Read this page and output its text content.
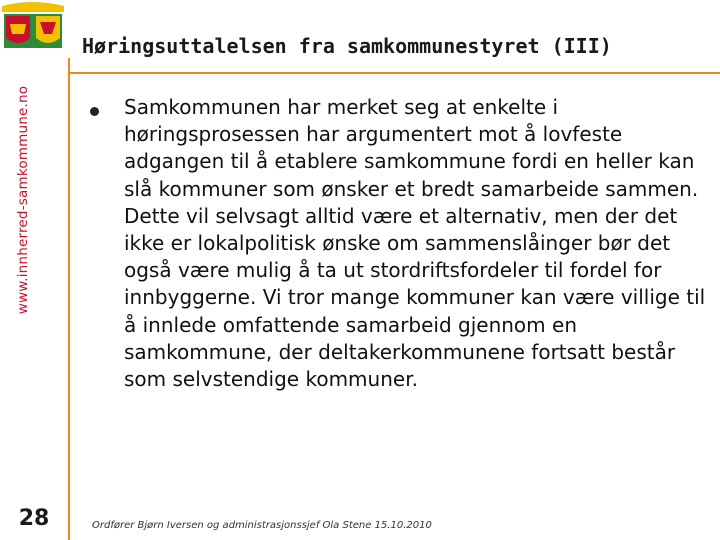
www.innherred-samkommune.no
28
Høringsuttalelsen fra samkommunestyret (III)

Samkommunen har merket seg at enkelte i høringsprosessen har argumentert mot å lovfeste adgangen til å etablere samkommune fordi en heller kan slå kommuner som ønsker et bredt samarbeide sammen. Dette vil selvsagt alltid være et alternativ, men der det ikke er lokalpolitisk ønske om sammenslåinger bør det også være mulig å ta ut stordriftsfordeler til fordel for innbyggerne. Vi tror mange kommuner kan være villige til å innlede omfattende samarbeid gjennom en samkommune, der deltakerkommunene fortsatt består som selvstendige kommuner.

Ordfører Bjørn Iversen og administrasjonssjef Ola Stene 15.10.2010
